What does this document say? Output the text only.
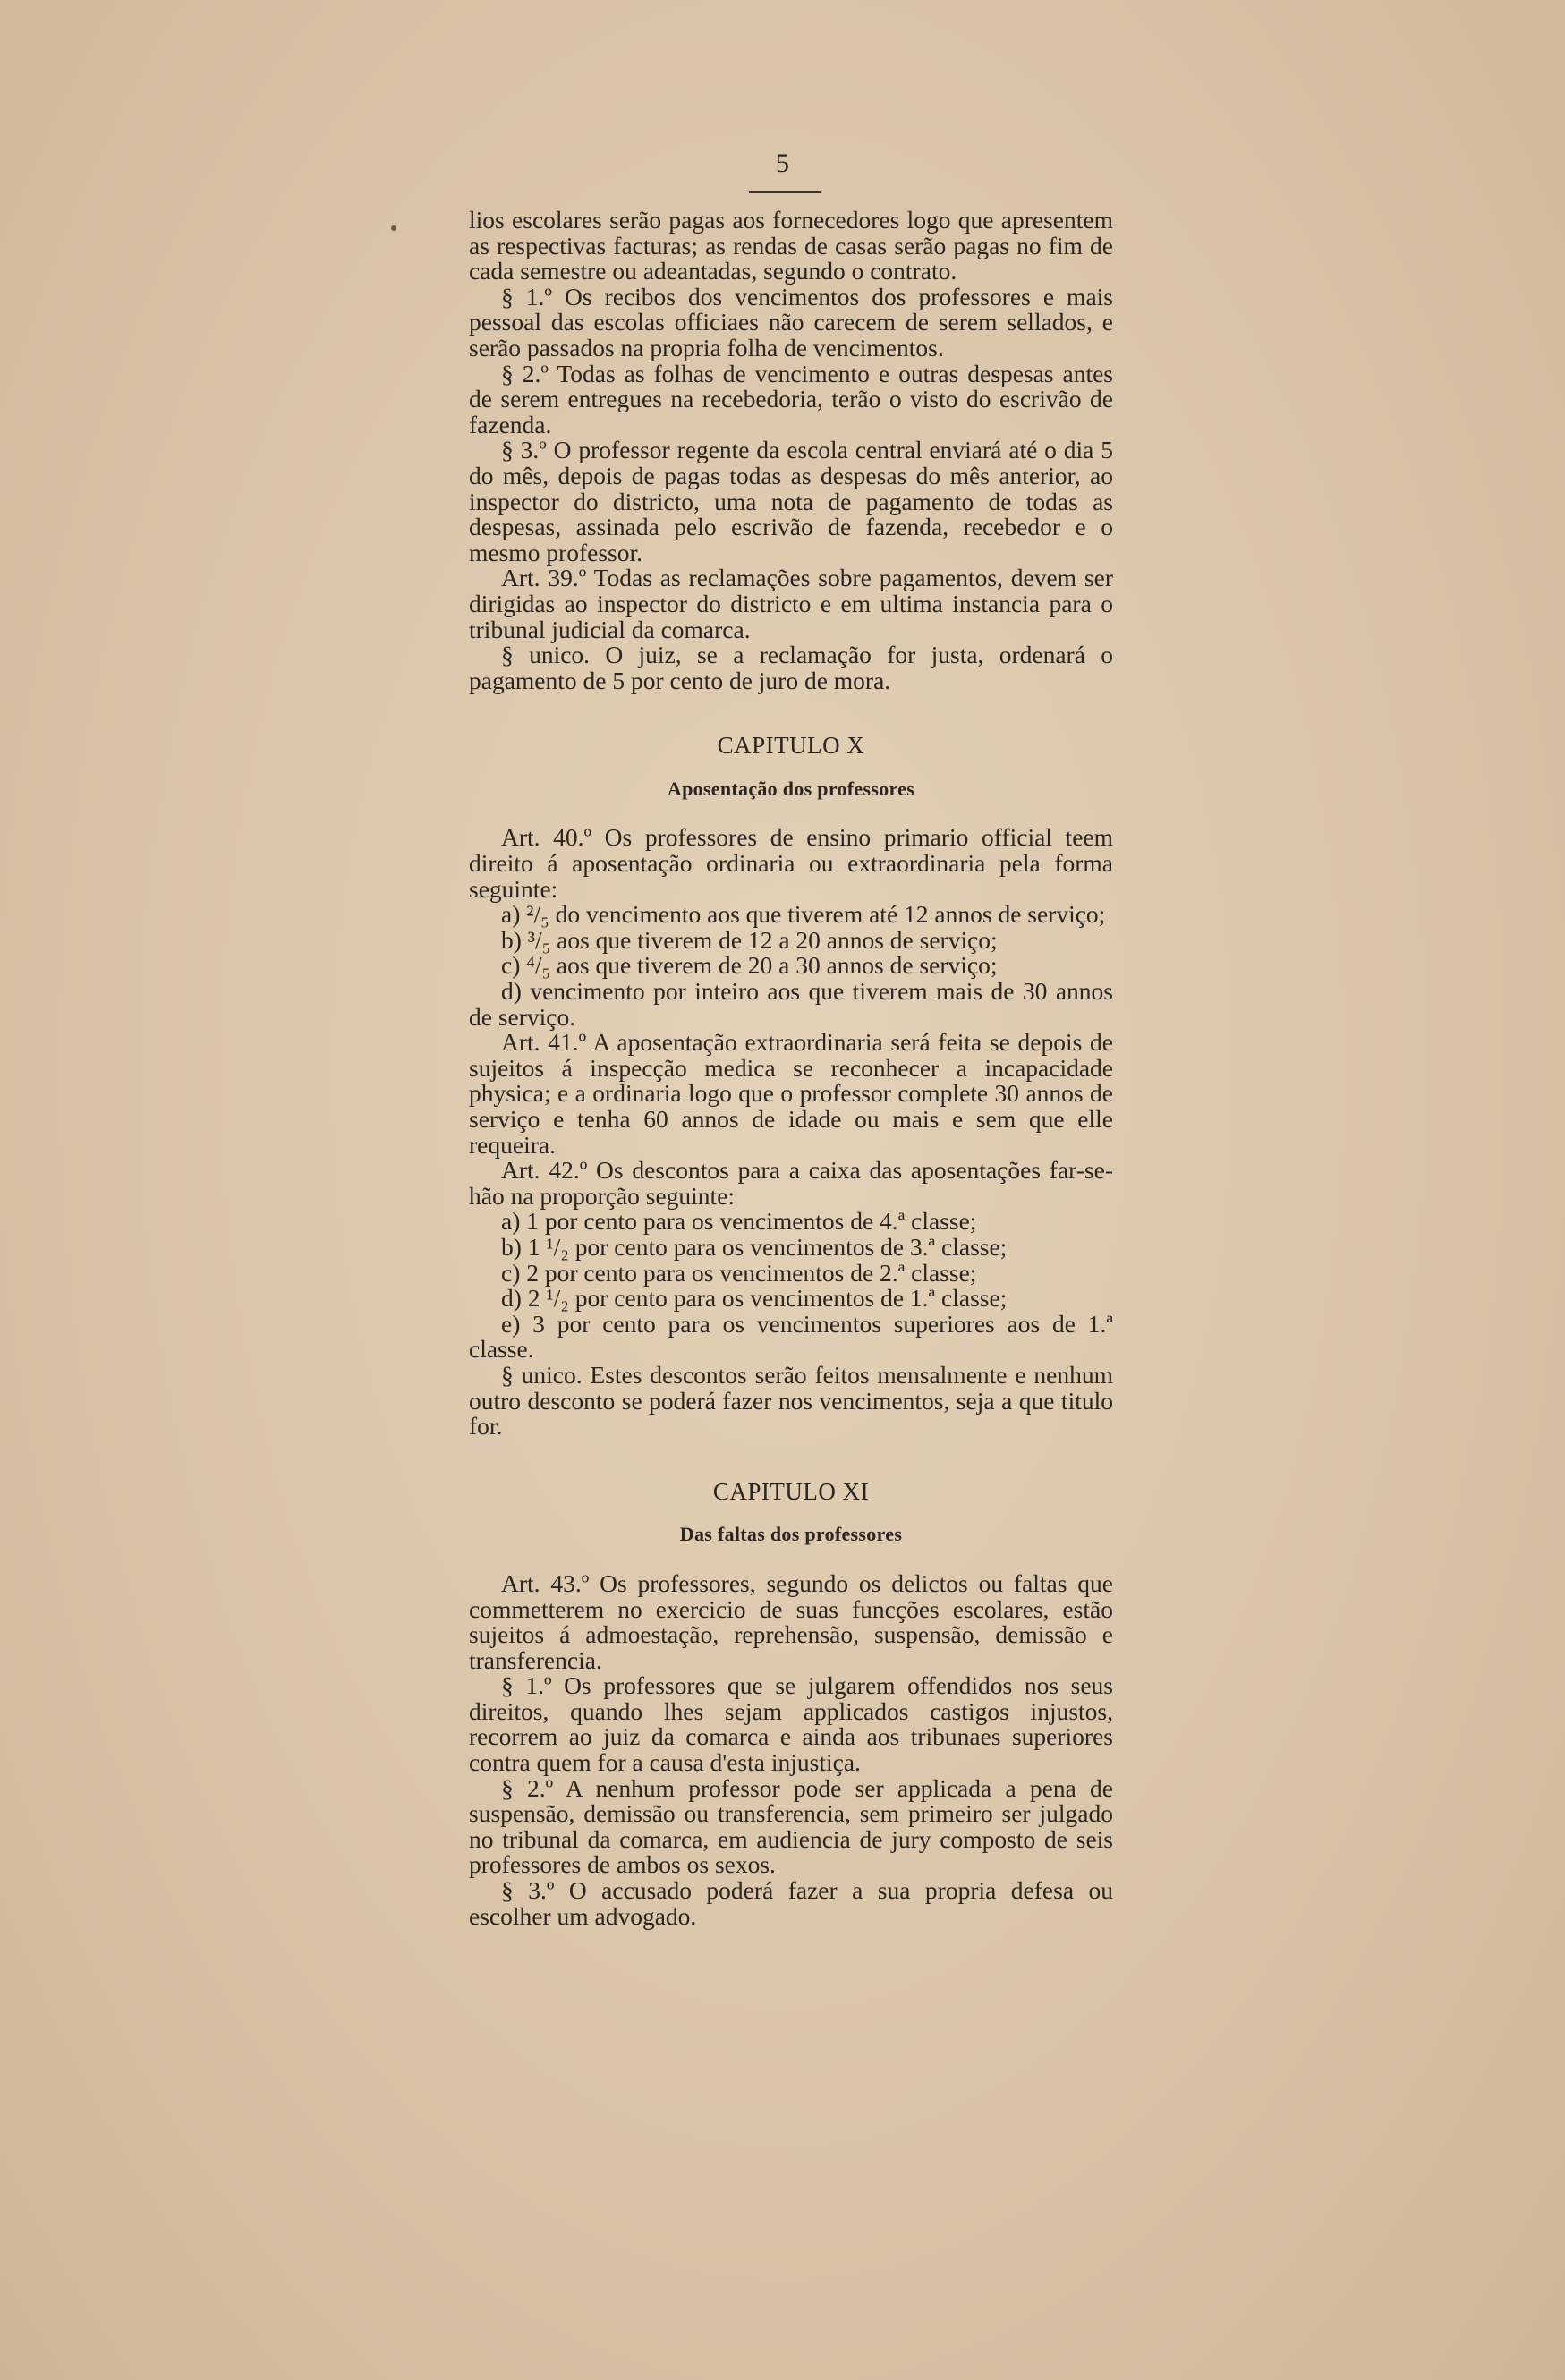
5

lios escolares serão pagas aos fornecedores logo que apresentem as respectivas facturas; as rendas de casas serão pagas no fim de cada semestre ou adeantadas, segundo o contrato.

§ 1.º Os recibos dos vencimentos dos professores e mais pessoal das escolas officiaes não carecem de serem sellados, e serão passados na propria folha de vencimentos.

§ 2.º Todas as folhas de vencimento e outras despesas antes de serem entregues na recebedoria, terão o visto do escrivão de fazenda.

§ 3.º O professor regente da escola central enviará até o dia 5 do mês, depois de pagas todas as despesas do mês anterior, ao inspector do districto, uma nota de pagamento de todas as despesas, assinada pelo escrivão de fazenda, recebedor e o mesmo professor.

Art. 39.º Todas as reclamações sobre pagamentos, devem ser dirigidas ao inspector do districto e em ultima instancia para o tribunal judicial da comarca.

§ unico. O juiz, se a reclamação for justa, ordenará o pagamento de 5 por cento de juro de mora.

CAPITULO X
Aposentação dos professores

Art. 40.º Os professores de ensino primario official teem direito á aposentação ordinaria ou extraordinaria pela forma seguinte:

a) ²/₅ do vencimento aos que tiverem até 12 annos de serviço;

b) ³/₅ aos que tiverem de 12 a 20 annos de serviço;

c) ⁴/₅ aos que tiverem de 20 a 30 annos de serviço;

d) vencimento por inteiro aos que tiverem mais de 30 annos de serviço.

Art. 41.º A aposentação extraordinaria será feita se depois de sujeitos á inspecção medica se reconhecer a incapacidade physica; e a ordinaria logo que o professor complete 30 annos de serviço e tenha 60 annos de idade ou mais e sem que elle requeira.

Art. 42.º Os descontos para a caixa das aposentações far-se-hão na proporção seguinte:

a) 1 por cento para os vencimentos de 4.ª classe;

b) 1 ¹/₂ por cento para os vencimentos de 3.ª classe;

c) 2 por cento para os vencimentos de 2.ª classe;

d) 2 ¹/₂ por cento para os vencimentos de 1.ª classe;

e) 3 por cento para os vencimentos superiores aos de 1.ª classe.

§ unico. Estes descontos serão feitos mensalmente e nenhum outro desconto se poderá fazer nos vencimentos, seja a que titulo for.

CAPITULO XI
Das faltas dos professores

Art. 43.º Os professores, segundo os delictos ou faltas que commetterem no exercicio de suas funcções escolares, estão sujeitos á admoestação, reprehensão, suspensão, demissão e transferencia.

§ 1.º Os professores que se julgarem offendidos nos seus direitos, quando lhes sejam applicados castigos injustos, recorrem ao juiz da comarca e ainda aos tribunaes superiores contra quem for a causa d'esta injustiça.

§ 2.º A nenhum professor pode ser applicada a pena de suspensão, demissão ou transferencia, sem primeiro ser julgado no tribunal da comarca, em audiencia de jury composto de seis professores de ambos os sexos.

§ 3.º O accusado poderá fazer a sua propria defesa ou escolher um advogado.
